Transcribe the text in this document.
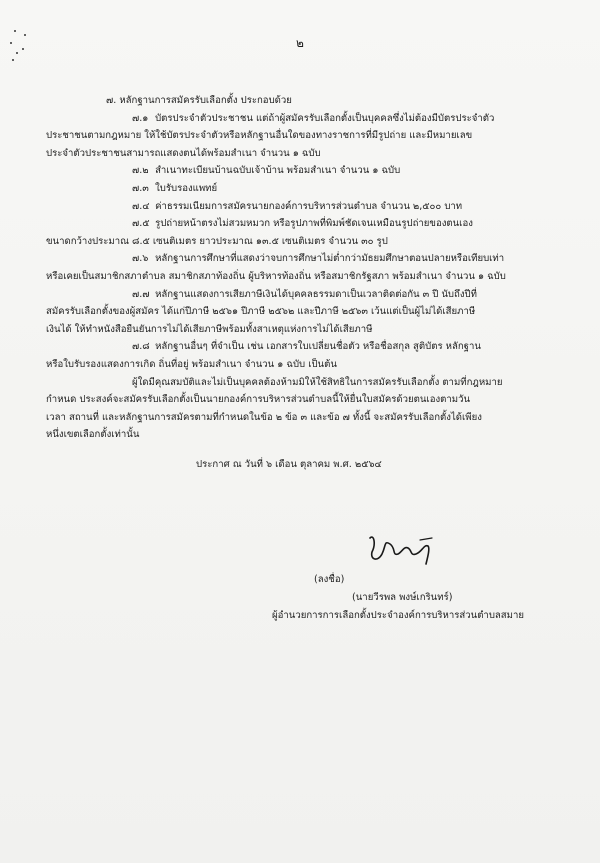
๒
๗. หลักฐานการสมัครรับเลือกตั้ง ประกอบด้วย
๗.๑ บัตรประจำตัวประชาชน แต่ถ้าผู้สมัครรับเลือกตั้งเป็นบุคคลซึ่งไม่ต้องมีบัตรประจำตัว
ประชาชนตามกฎหมาย ให้ใช้บัตรประจำตัวหรือหลักฐานอื่นใดของทางราชการที่มีรูปถ่าย และมีหมายเลข
ประจำตัวประชาชนสามารถแสดงตนได้พร้อมสำเนา จำนวน ๑ ฉบับ
๗.๒ สำเนาทะเบียนบ้านฉบับเจ้าบ้าน พร้อมสำเนา จำนวน ๑ ฉบับ
๗.๓ ใบรับรองแพทย์
๗.๔ ค่าธรรมเนียมการสมัครนายกองค์การบริหารส่วนตำบล จำนวน ๒,๕๐๐ บาท
๗.๕ รูปถ่ายหน้าตรงไม่สวมหมวก หรือรูปภาพที่พิมพ์ชัดเจนเหมือนรูปถ่ายของตนเอง
ขนาดกว้างประมาณ ๘.๕ เซนติเมตร ยาวประมาณ ๑๓.๕ เซนติเมตร จำนวน ๓๐ รูป
๗.๖ หลักฐานการศึกษาที่แสดงว่าจบการศึกษาไม่ต่ำกว่ามัธยมศึกษาตอนปลายหรือเทียบเท่า
หรือเคยเป็นสมาชิกสภาตำบล สมาชิกสภาท้องถิ่น ผู้บริหารท้องถิ่น หรือสมาชิกรัฐสภา พร้อมสำเนา จำนวน ๑ ฉบับ
๗.๗ หลักฐานแสดงการเสียภาษีเงินได้บุคคลธรรมดาเป็นเวลาติดต่อกัน ๓ ปี นับถึงปีที่
สมัครรับเลือกตั้งของผู้สมัคร ได้แก่ปีภาษี ๒๕๖๑ ปีภาษี ๒๕๖๒ และปีภาษี ๒๕๖๓ เว้นแต่เป็นผู้ไม่ได้เสียภาษี
เงินได้ ให้ทำหนังสือยืนยันการไม่ได้เสียภาษีพร้อมทั้งสาเหตุแห่งการไม่ได้เสียภาษี
๗.๘ หลักฐานอื่นๆ ที่จำเป็น เช่น เอกสารใบเปลี่ยนชื่อตัว หรือชื่อสกุล สูติบัตร หลักฐาน
หรือใบรับรองแสดงการเกิด ถิ่นที่อยู่ พร้อมสำเนา จำนวน ๑ ฉบับ เป็นต้น
ผู้ใดมีคุณสมบัติและไม่เป็นบุคคลต้องห้ามมิให้ใช้สิทธิในการสมัครรับเลือกตั้ง ตามที่กฎหมาย
กำหนด ประสงค์จะสมัครรับเลือกตั้งเป็นนายกองค์การบริหารส่วนตำบลนี้ให้ยื่นใบสมัครด้วยตนเองตามวัน
เวลา สถานที่ และหลักฐานการสมัครตามที่กำหนดในข้อ ๒ ข้อ ๓ และข้อ ๗ ทั้งนี้ จะสมัครรับเลือกตั้งได้เพียง
หนึ่งเขตเลือกตั้งเท่านั้น
ประกาศ ณ วันที่ ๖ เดือน ตุลาคม พ.ศ. ๒๕๖๔
(ลงชื่อ)
(นายวีรพล พงษ์เกรินทร์)
ผู้อำนวยการการเลือกตั้งประจำองค์การบริหารส่วนตำบลสมาย
